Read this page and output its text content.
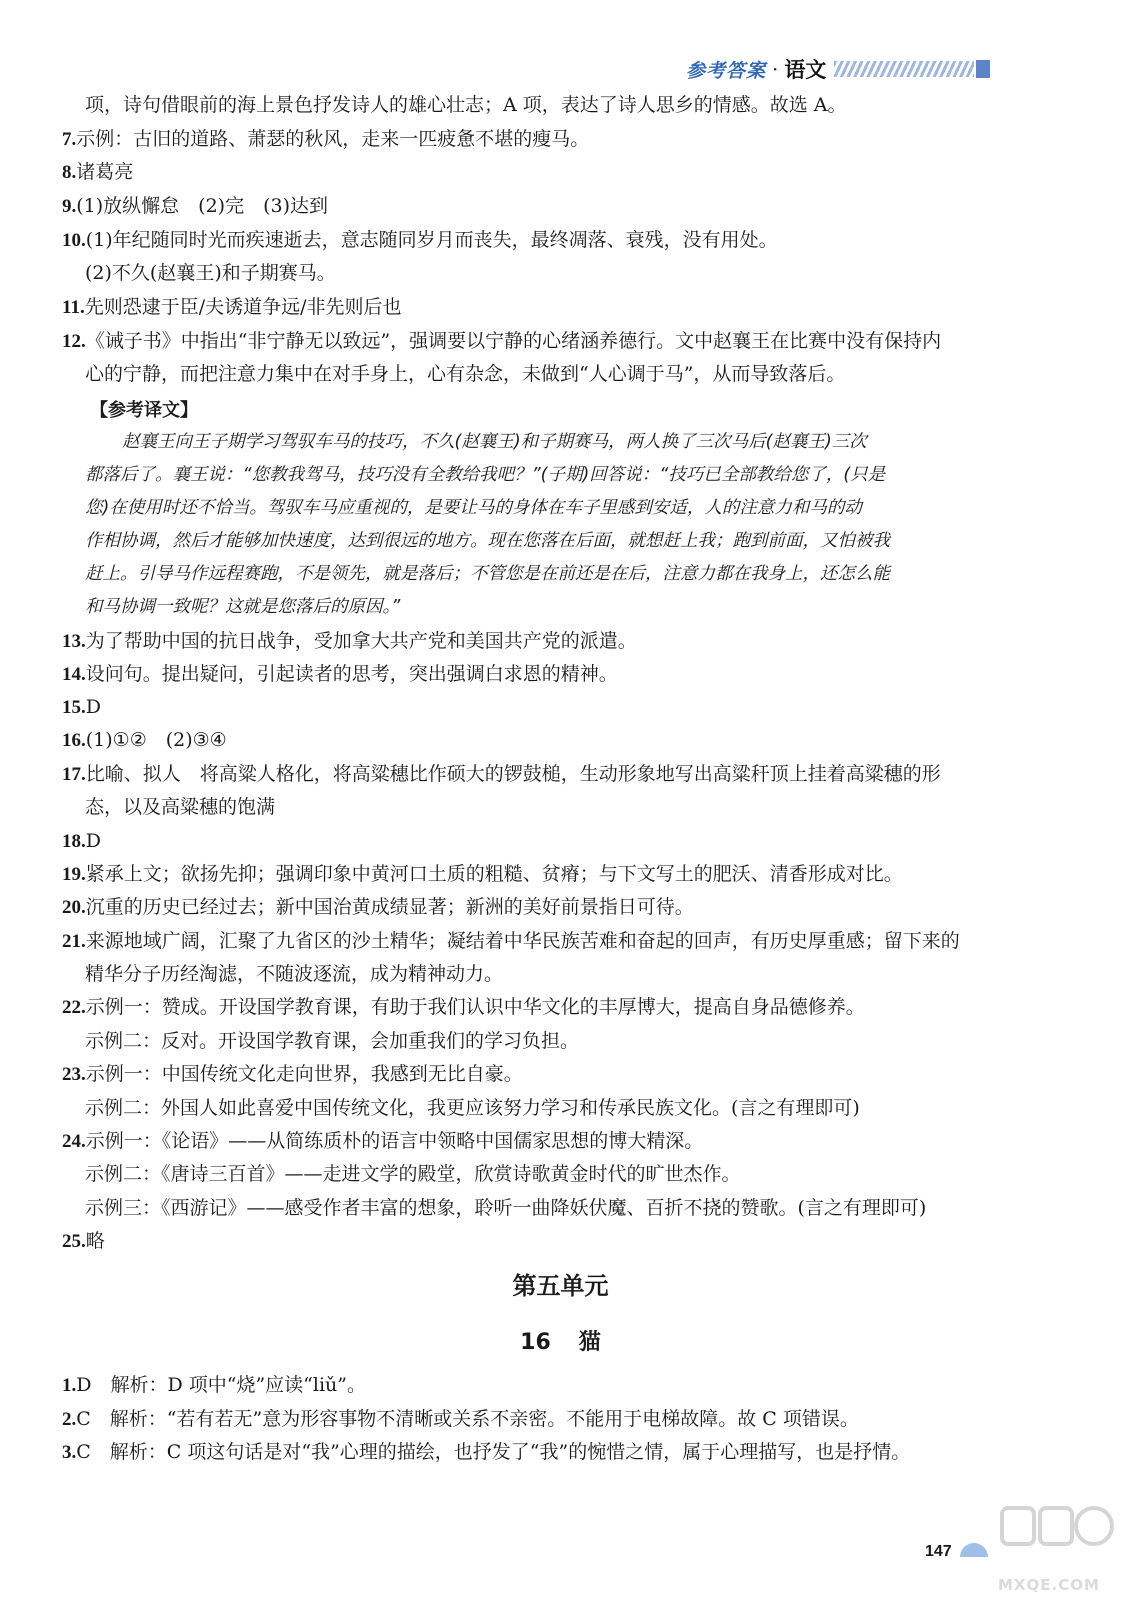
参考答案 · 语文
项，诗句借眼前的海上景色抒发诗人的雄心壮志；A 项，表达了诗人思乡的情感。故选 A。
7.示例：古旧的道路、萧瑟的秋风，走来一匹疲惫不堪的瘦马。
8.诸葛亮
9.(1)放纵懈怠　(2)完　(3)达到
10.(1)年纪随同时光而疾速逝去，意志随同岁月而丧失，最终凋落、衰残，没有用处。
(2)不久(赵襄王)和子期赛马。
11.先则恐逮于臣/夫诱道争远/非先则后也
12.《诫子书》中指出“非宁静无以致远”，强调要以宁静的心绪涵养德行。文中赵襄王在比赛中没有保持内
心的宁静，而把注意力集中在对手身上，心有杂念，未做到“人心调于马”，从而导致落后。
【参考译文】
赵襄王向王子期学习驾驭车马的技巧，不久(赵襄王)和子期赛马，两人换了三次马后(赵襄王)三次
都落后了。襄王说：“您教我驾马，技巧没有全教给我吧？”(子期)回答说：“技巧已全部教给您了，(只是
您)在使用时还不恰当。驾驭车马应重视的，是要让马的身体在车子里感到安适，人的注意力和马的动
作相协调，然后才能够加快速度，达到很远的地方。现在您落在后面，就想赶上我；跑到前面，又怕被我
赶上。引导马作远程赛跑，不是领先，就是落后；不管您是在前还是在后，注意力都在我身上，还怎么能
和马协调一致呢？这就是您落后的原因。”
13.为了帮助中国的抗日战争，受加拿大共产党和美国共产党的派遣。
14.设问句。提出疑问，引起读者的思考，突出强调白求恩的精神。
15.D
16.(1)①②　(2)③④
17.比喻、拟人　将高粱人格化，将高粱穗比作硕大的锣鼓槌，生动形象地写出高粱秆顶上挂着高粱穗的形
态，以及高粱穗的饱满
18.D
19.紧承上文；欲扬先抑；强调印象中黄河口土质的粗糙、贫瘠；与下文写土的肥沃、清香形成对比。
20.沉重的历史已经过去；新中国治黄成绩显著；新洲的美好前景指日可待。
21.来源地域广阔，汇聚了九省区的沙土精华；凝结着中华民族苦难和奋起的回声，有历史厚重感；留下来的
精华分子历经淘滤，不随波逐流，成为精神动力。
22.示例一：赞成。开设国学教育课，有助于我们认识中华文化的丰厚博大，提高自身品德修养。
示例二：反对。开设国学教育课，会加重我们的学习负担。
23.示例一：中国传统文化走向世界，我感到无比自豪。
示例二：外国人如此喜爱中国传统文化，我更应该努力学习和传承民族文化。(言之有理即可)
24.示例一：《论语》——从简练质朴的语言中领略中国儒家思想的博大精深。
示例二：《唐诗三百首》——走进文学的殿堂，欣赏诗歌黄金时代的旷世杰作。
示例三：《西游记》——感受作者丰富的想象，聆听一曲降妖伏魔、百折不挠的赞歌。(言之有理即可)
25.略
第五单元
16 猫
1.D　解析：D 项中“烧”应读“liǔ”。
2.C　解析：“若有若无”意为形容事物不清晰或关系不亲密。不能用于电梯故障。故 C 项错误。
3.C　解析：C 项这句话是对“我”心理的描绘，也抒发了“我”的惋惜之情，属于心理描写，也是抒情。
147
MXQE.COM
